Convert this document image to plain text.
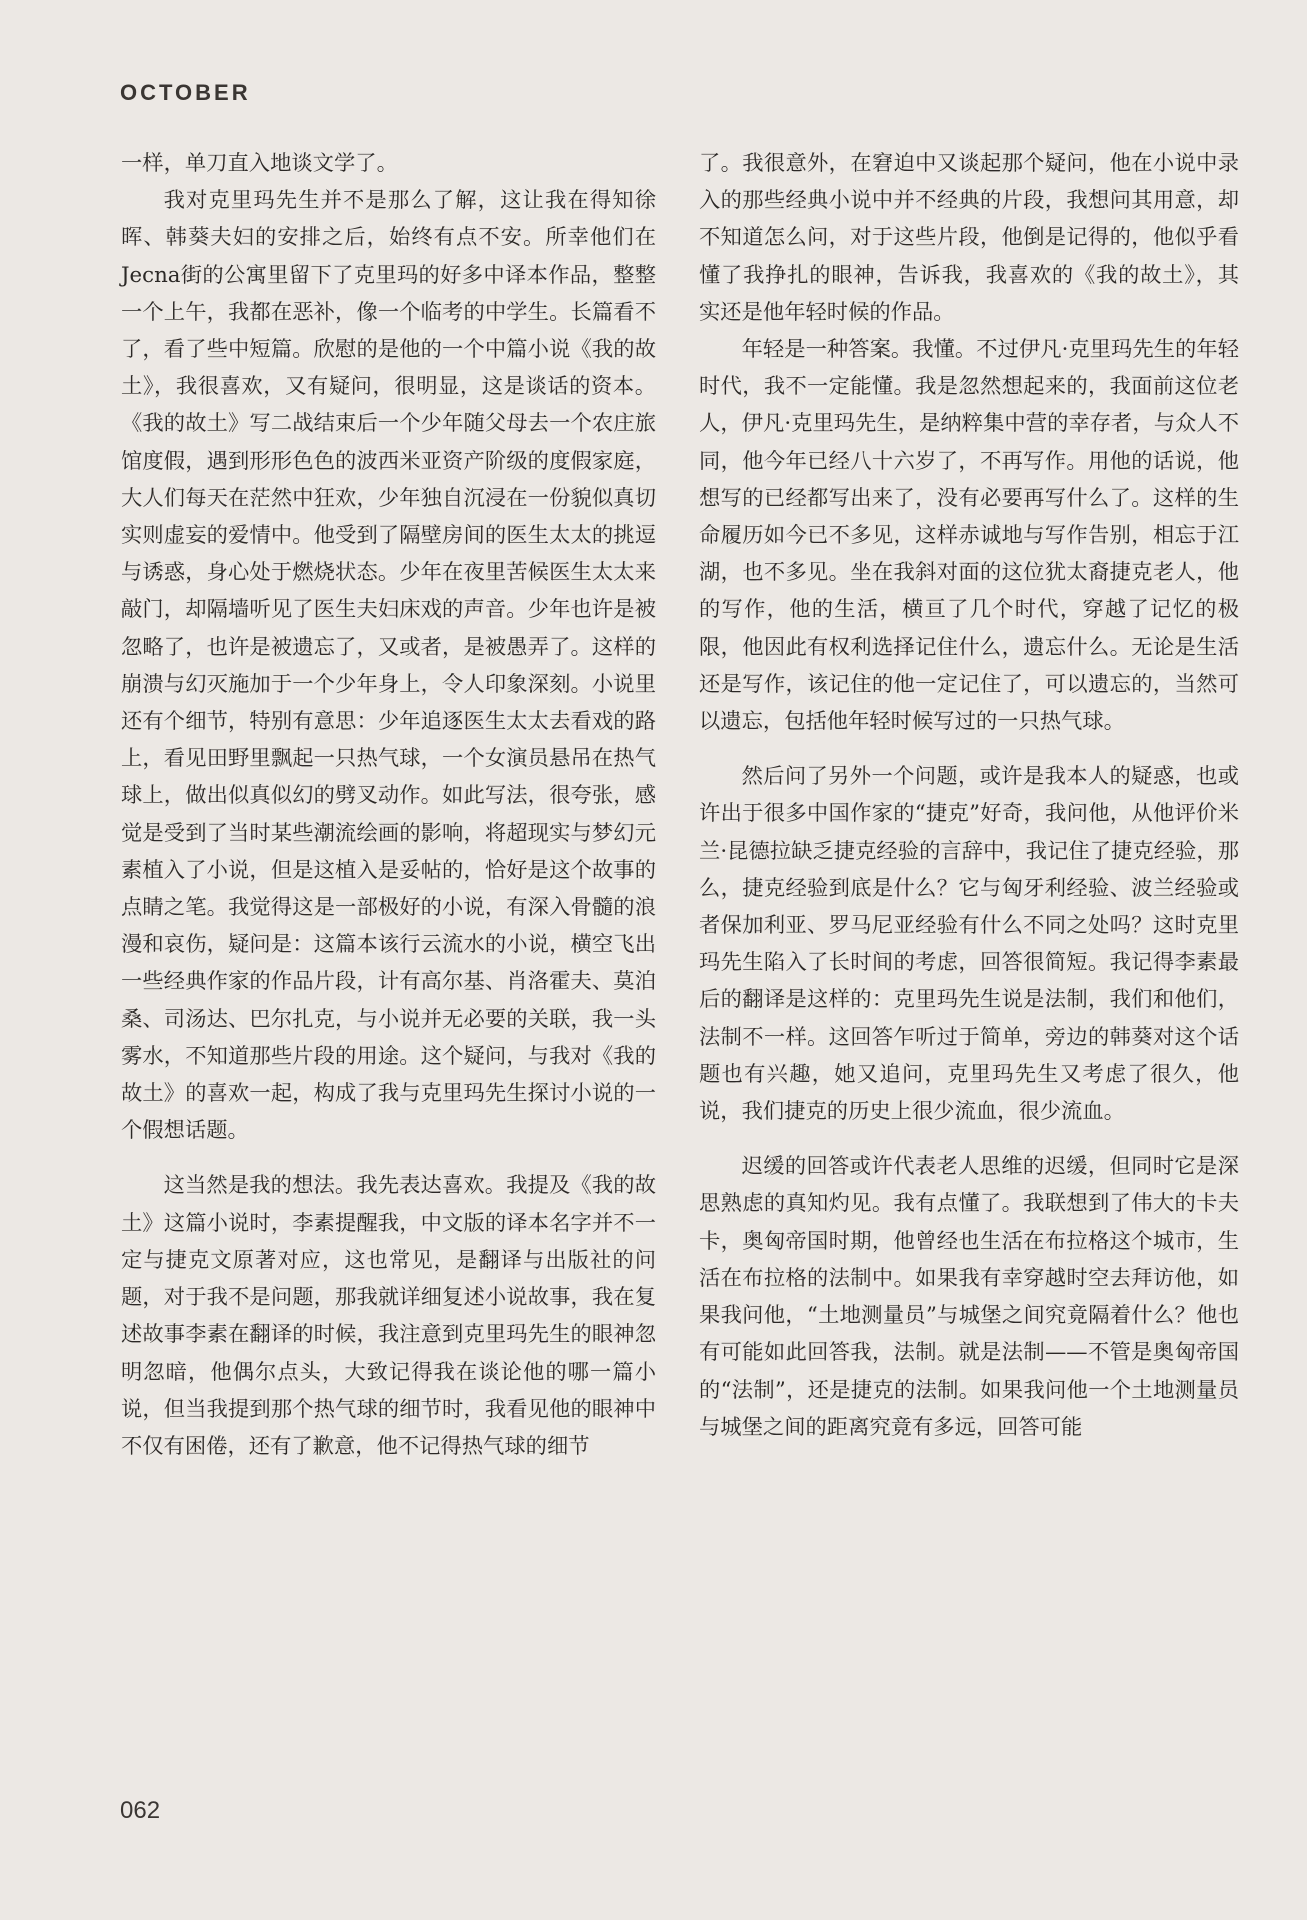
OCTOBER

一样，单刀直入地谈文学了。

我对克里玛先生并不是那么了解，这让我在得知徐晖、韩葵夫妇的安排之后，始终有点不安。所幸他们在Jecna街的公寓里留下了克里玛的好多中译本作品，整整一个上午，我都在恶补，像一个临考的中学生。长篇看不了，看了些中短篇。欣慰的是他的一个中篇小说《我的故土》，我很喜欢，又有疑问，很明显，这是谈话的资本。《我的故土》写二战结束后一个少年随父母去一个农庄旅馆度假，遇到形形色色的波西米亚资产阶级的度假家庭，大人们每天在茫然中狂欢，少年独自沉浸在一份貌似真切实则虚妄的爱情中。他受到了隔壁房间的医生太太的挑逗与诱惑，身心处于燃烧状态。少年在夜里苦候医生太太来敲门，却隔墙听见了医生夫妇床戏的声音。少年也许是被忽略了，也许是被遗忘了，又或者，是被愚弄了。这样的崩溃与幻灭施加于一个少年身上，令人印象深刻。小说里还有个细节，特别有意思：少年追逐医生太太去看戏的路上，看见田野里飘起一只热气球，一个女演员悬吊在热气球上，做出似真似幻的劈叉动作。如此写法，很夸张，感觉是受到了当时某些潮流绘画的影响，将超现实与梦幻元素植入了小说，但是这植入是妥帖的，恰好是这个故事的点睛之笔。我觉得这是一部极好的小说，有深入骨髓的浪漫和哀伤，疑问是：这篇本该行云流水的小说，横空飞出一些经典作家的作品片段，计有高尔基、肖洛霍夫、莫泊桑、司汤达、巴尔扎克，与小说并无必要的关联，我一头雾水，不知道那些片段的用途。这个疑问，与我对《我的故土》的喜欢一起，构成了我与克里玛先生探讨小说的一个假想话题。

这当然是我的想法。我先表达喜欢。我提及《我的故土》这篇小说时，李素提醒我，中文版的译本名字并不一定与捷克文原著对应，这也常见，是翻译与出版社的问题，对于我不是问题，那我就详细复述小说故事，我在复述故事李素在翻译的时候，我注意到克里玛先生的眼神忽明忽暗，他偶尔点头，大致记得我在谈论他的哪一篇小说，但当我提到那个热气球的细节时，我看见他的眼神中不仅有困倦，还有了歉意，他不记得热气球的细节

了。我很意外，在窘迫中又谈起那个疑问，他在小说中录入的那些经典小说中并不经典的片段，我想问其用意，却不知道怎么问，对于这些片段，他倒是记得的，他似乎看懂了我挣扎的眼神，告诉我，我喜欢的《我的故土》，其实还是他年轻时候的作品。

年轻是一种答案。我懂。不过伊凡·克里玛先生的年轻时代，我不一定能懂。我是忽然想起来的，我面前这位老人，伊凡·克里玛先生，是纳粹集中营的幸存者，与众人不同，他今年已经八十六岁了，不再写作。用他的话说，他想写的已经都写出来了，没有必要再写什么了。这样的生命履历如今已不多见，这样赤诚地与写作告别，相忘于江湖，也不多见。坐在我斜对面的这位犹太裔捷克老人，他的写作，他的生活，横亘了几个时代，穿越了记忆的极限，他因此有权利选择记住什么，遗忘什么。无论是生活还是写作，该记住的他一定记住了，可以遗忘的，当然可以遗忘，包括他年轻时候写过的一只热气球。

然后问了另外一个问题，或许是我本人的疑惑，也或许出于很多中国作家的“捷克”好奇，我问他，从他评价米兰·昆德拉缺乏捷克经验的言辞中，我记住了捷克经验，那么，捷克经验到底是什么？它与匈牙利经验、波兰经验或者保加利亚、罗马尼亚经验有什么不同之处吗？这时克里玛先生陷入了长时间的考虑，回答很简短。我记得李素最后的翻译是这样的：克里玛先生说是法制，我们和他们，法制不一样。这回答乍听过于简单，旁边的韩葵对这个话题也有兴趣，她又追问，克里玛先生又考虑了很久，他说，我们捷克的历史上很少流血，很少流血。

迟缓的回答或许代表老人思维的迟缓，但同时它是深思熟虑的真知灼见。我有点懂了。我联想到了伟大的卡夫卡，奥匈帝国时期，他曾经也生活在布拉格这个城市，生活在布拉格的法制中。如果我有幸穿越时空去拜访他，如果我问他，“土地测量员”与城堡之间究竟隔着什么？他也有可能如此回答我，法制。就是法制——不管是奥匈帝国的“法制”，还是捷克的法制。如果我问他一个土地测量员与城堡之间的距离究竟有多远，回答可能

062
